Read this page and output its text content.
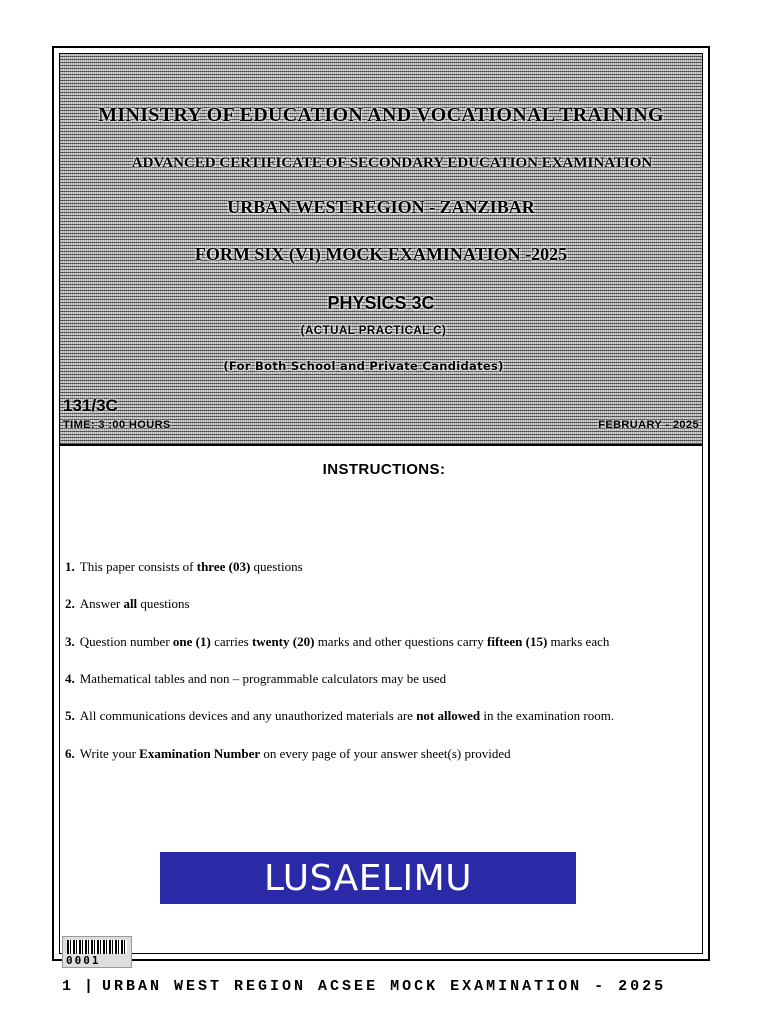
MINISTRY OF EDUCATION AND VOCATIONAL TRAINING
ADVANCED CERTIFICATE OF SECONDARY EDUCATION EXAMINATION
URBAN WEST REGION - ZANZIBAR
FORM SIX (VI) MOCK EXAMINATION -2025
PHYSICS 3C
(ACTUAL PRACTICAL C)
(For Both School and Private Candidates)
131/3C
TIME: 3 :00 HOURS	FEBRUARY - 2025
INSTRUCTIONS:
1. This paper consists of three (03) questions
2. Answer all questions
3. Question number one (1) carries twenty (20) marks and other questions carry fifteen (15) marks each
4. Mathematical tables and non – programmable calculators may be used
5. All communications devices and any unauthorized materials are not allowed in the examination room.
6. Write your Examination Number on every page of your answer sheet(s) provided
LUSAELIMU
0001
1 | URBAN WEST REGION ACSEE MOCK EXAMINATION - 2025
